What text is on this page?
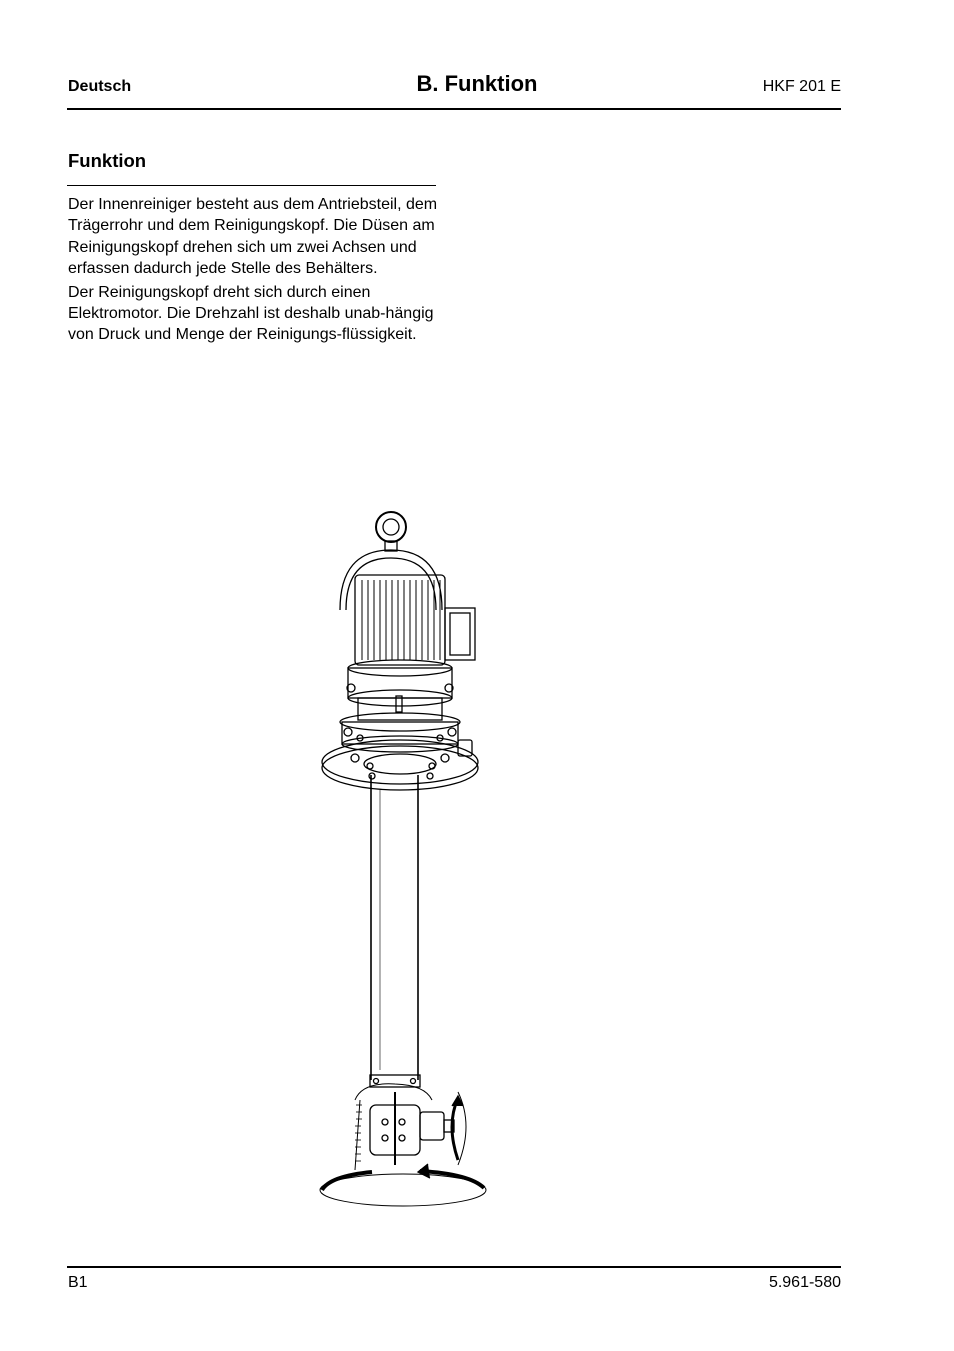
Deutsch	B. Funktion	HKF 201 E
Funktion

Der Innenreiniger besteht aus dem Antriebsteil, dem Trägerrohr und dem Reinigungskopf. Die Düsen am Reinigungskopf drehen sich um zwei Achsen und erfassen dadurch jede Stelle des Behälters.

Der Reinigungskopf dreht sich durch einen Elektromotor. Die Drehzahl ist deshalb unab-hängig von Druck und Menge der Reinigungs-flüssigkeit.

B1	5.961-580
